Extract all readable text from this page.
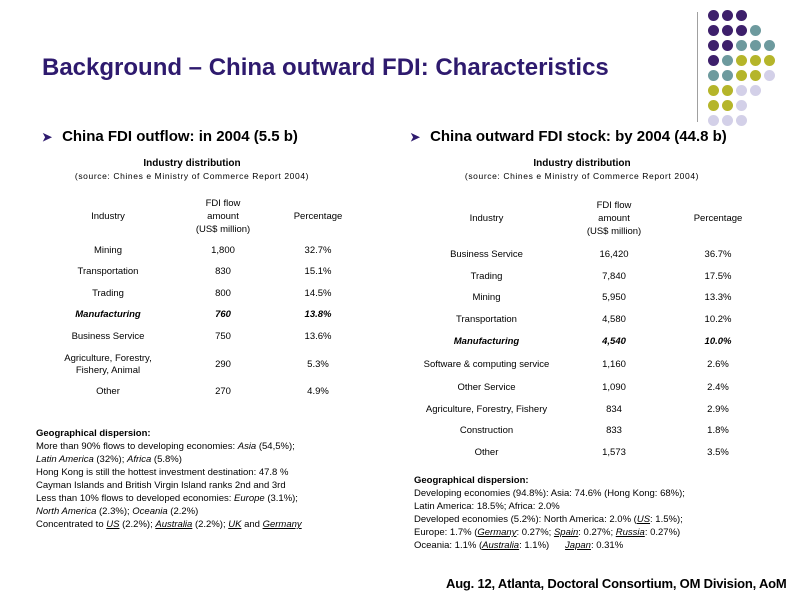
Background – China outward FDI: Characteristics
➤ China FDI outflow: in 2004 (5.5 b)
Industry distribution
(source: Chines e Ministry of Commerce Report 2004)
Industry	FDI flow
amount
(US$ million)	Percentage
Mining	1,800	32.7%
Transportation	830	15.1%
Trading	800	14.5%
Manufacturing	760	13.8%
Business Service	750	13.6%
Agriculture, Forestry, Fishery, Animal	290	5.3%
Other	270	4.9%
Geographical dispersion:
More than 90% flows to developing economies: Asia (54,5%);
Latin America (32%); Africa (5.8%)
Hong Kong is still the hottest investment destination: 47.8 %
Cayman Islands and British Virgin Island ranks 2nd and 3rd
Less than 10% flows to developed economies: Europe (3.1%);
North America (2.3%); Oceania (2.2%)
Concentrated to US (2.2%); Australia (2.2%); UK and Germany
➤ China outward FDI stock: by 2004 (44.8 b)
Industry distribution
(source: Chines e Ministry of Commerce Report 2004)
Industry	FDI flow
amount
(US$ million)	Percentage
Business Service	16,420	36.7%
Trading	7,840	17.5%
Mining	5,950	13.3%
Transportation	4,580	10.2%
Manufacturing	4,540	10.0%
Software & computing service	1,160	2.6%
Other Service	1,090	2.4%
Agriculture, Forestry, Fishery	834	2.9%
Construction	833	1.8%
Other	1,573	3.5%
Geographical dispersion:
Developing economies (94.8%): Asia: 74.6% (Hong Kong: 68%);
Latin America: 18.5%; Africa: 2.0%
Developed economies (5.2%): North America: 2.0% (US: 1.5%);
Europe: 1.7% (Germany: 0.27%; Spain: 0.27%; Russia: 0.27%)
Oceania: 1.1% (Australia: 1.1%) Japan: 0.31%
Aug. 12, Atlanta, Doctoral Consortium, OM Division, AoM
